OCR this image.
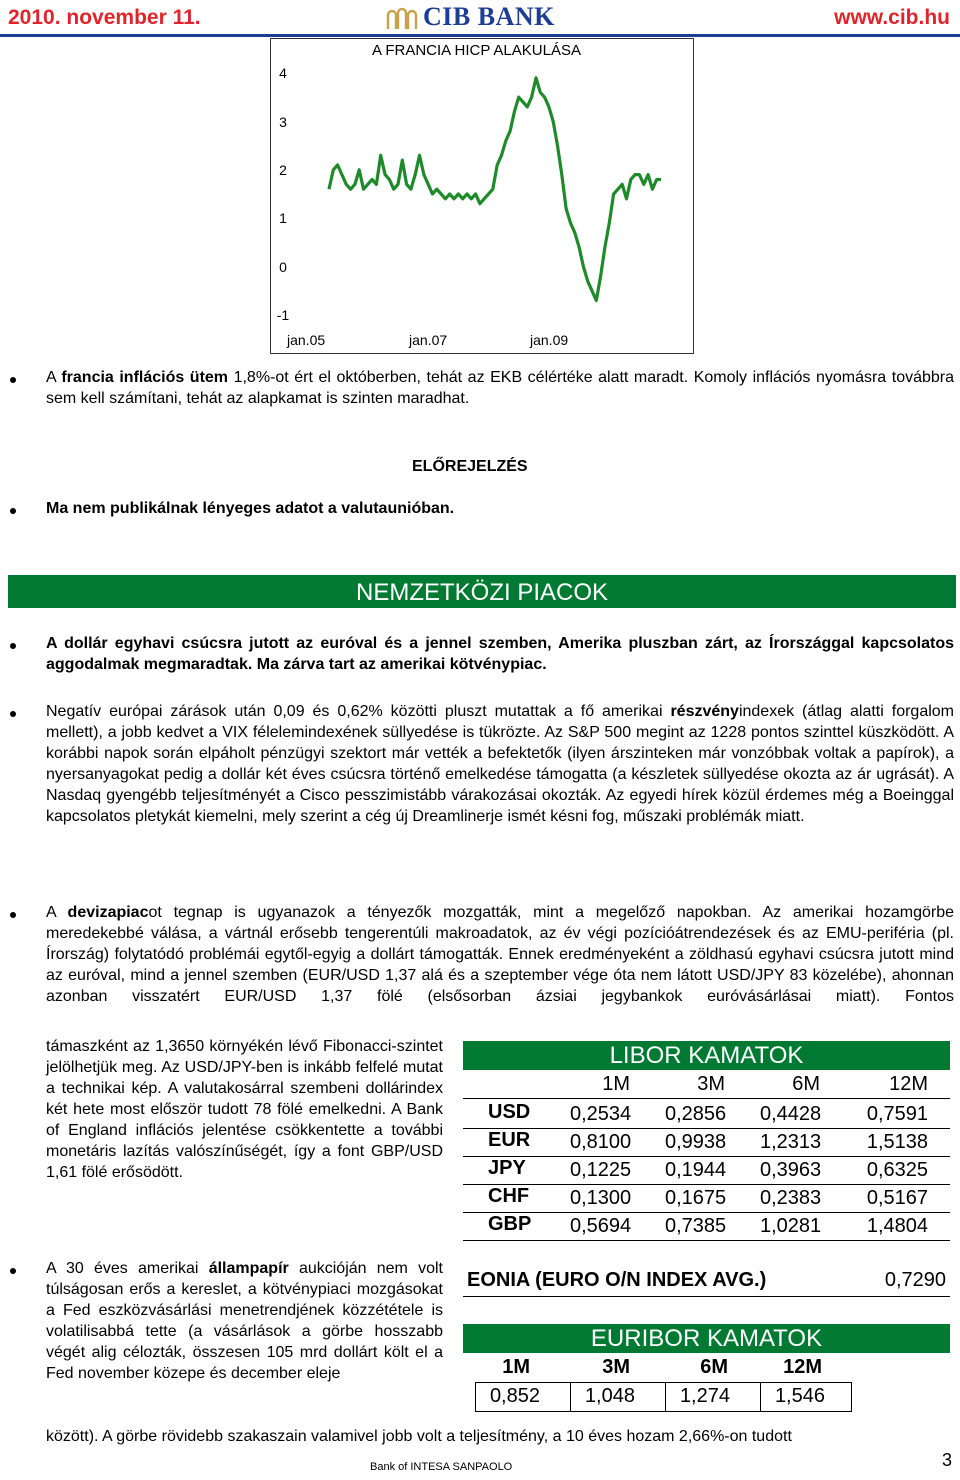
2010. november 11.	CIB BANK	www.cib.hu
A FRANCIA HICP ALAKULÁSA
4
3
2
1
0
-1
jan.05	jan.07	jan.09
A francia inflációs ütem 1,8%-ot ért el októberben, tehát az EKB célértéke alatt maradt. Komoly inflációs nyomásra továbbra sem kell számítani, tehát az alapkamat is szinten maradhat.
ELŐREJELZÉS
Ma nem publikálnak lényeges adatot a valutaunióban.
NEMZETKÖZI PIACOK
A dollár egyhavi csúcsra jutott az euróval és a jennel szemben, Amerika pluszban zárt, az Írországgal kapcsolatos aggodalmak megmaradtak. Ma zárva tart az amerikai kötvénypiac.
Negatív európai zárások után 0,09 és 0,62% közötti pluszt mutattak a fő amerikai részvényindexek (átlag alatti forgalom mellett), a jobb kedvet a VIX félelemindexének süllyedése is tükrözte. Az S&P 500 megint az 1228 pontos szinttel küszködött. A korábbi napok során elpáholt pénzügyi szektort már vették a befektetők (ilyen árszinteken már vonzóbbak voltak a papírok), a nyersanyagokat pedig a dollár két éves csúcsra történő emelkedése támogatta (a készletek süllyedése okozta az ár ugrását). A Nasdaq gyengébb teljesítményét a Cisco pesszimistább várakozásai okozták. Az egyedi hírek közül érdemes még a Boeinggal kapcsolatos pletykát kiemelni, mely szerint a cég új Dreamlinerje ismét késni fog, műszaki problémák miatt.
A devizapiacot tegnap is ugyanazok a tényezők mozgatták, mint a megelőző napokban. Az amerikai hozamgörbe meredekebbé válása, a vártnál erősebb tengerentúli makroadatok, az év végi pozícióátrendezések és az EMU-periféria (pl. Írország) folytatódó problémái egytől-egyig a dollárt támogatták. Ennek eredményeként a zöldhasú egyhavi csúcsra jutott mind az euróval, mind a jennel szemben (EUR/USD 1,37 alá és a szeptember vége óta nem látott USD/JPY 83 közelébe), ahonnan azonban visszatért EUR/USD 1,37 fölé (elsősorban ázsiai jegybankok euróvásárlásai miatt). Fontos
támaszként az 1,3650 környékén lévő Fibonacci-szintet jelölhetjük meg. Az USD/JPY-ben is inkább felfelé mutat a technikai kép. A valutakosárral szembeni dollárindex két hete most először tudott 78 fölé emelkedni. A Bank of England inflációs jelentése csökkentette a további monetáris lazítás valószínűségét, így a font GBP/USD 1,61 fölé erősödött.
A 30 éves amerikai állampapír aukcióján nem volt túlságosan erős a kereslet, a kötvénypiaci mozgásokat a Fed eszközvásárlási menetrendjének közzététele is volatilisabbá tette (a vásárlások a görbe hosszabb végét alig célozták, összesen 105 mrd dollárt költ el a Fed november közepe és december eleje
között). A görbe rövidebb szakaszain valamivel jobb volt a teljesítmény, a 10 éves hozam 2,66%-on tudott
LIBOR KAMATOK
1M	3M	6M	12M
USD 0,2534 0,2856 0,4428	0,7591
EUR 0,8100 0,9938 1,2313	1,5138
JPY 0,1225 0,1944 0,3963	0,6325
CHF 0,1300 0,1675 0,2383	0,5167
GBP 0,5694 0,7385 1,0281	1,4804
EONIA (EURO O/N INDEX AVG.)	0,7290
EURIBOR KAMATOK
1M	3M	6M	12M
0,852	1,048	1,274	1,546
Bank of INTESA SANPAOLO	3
